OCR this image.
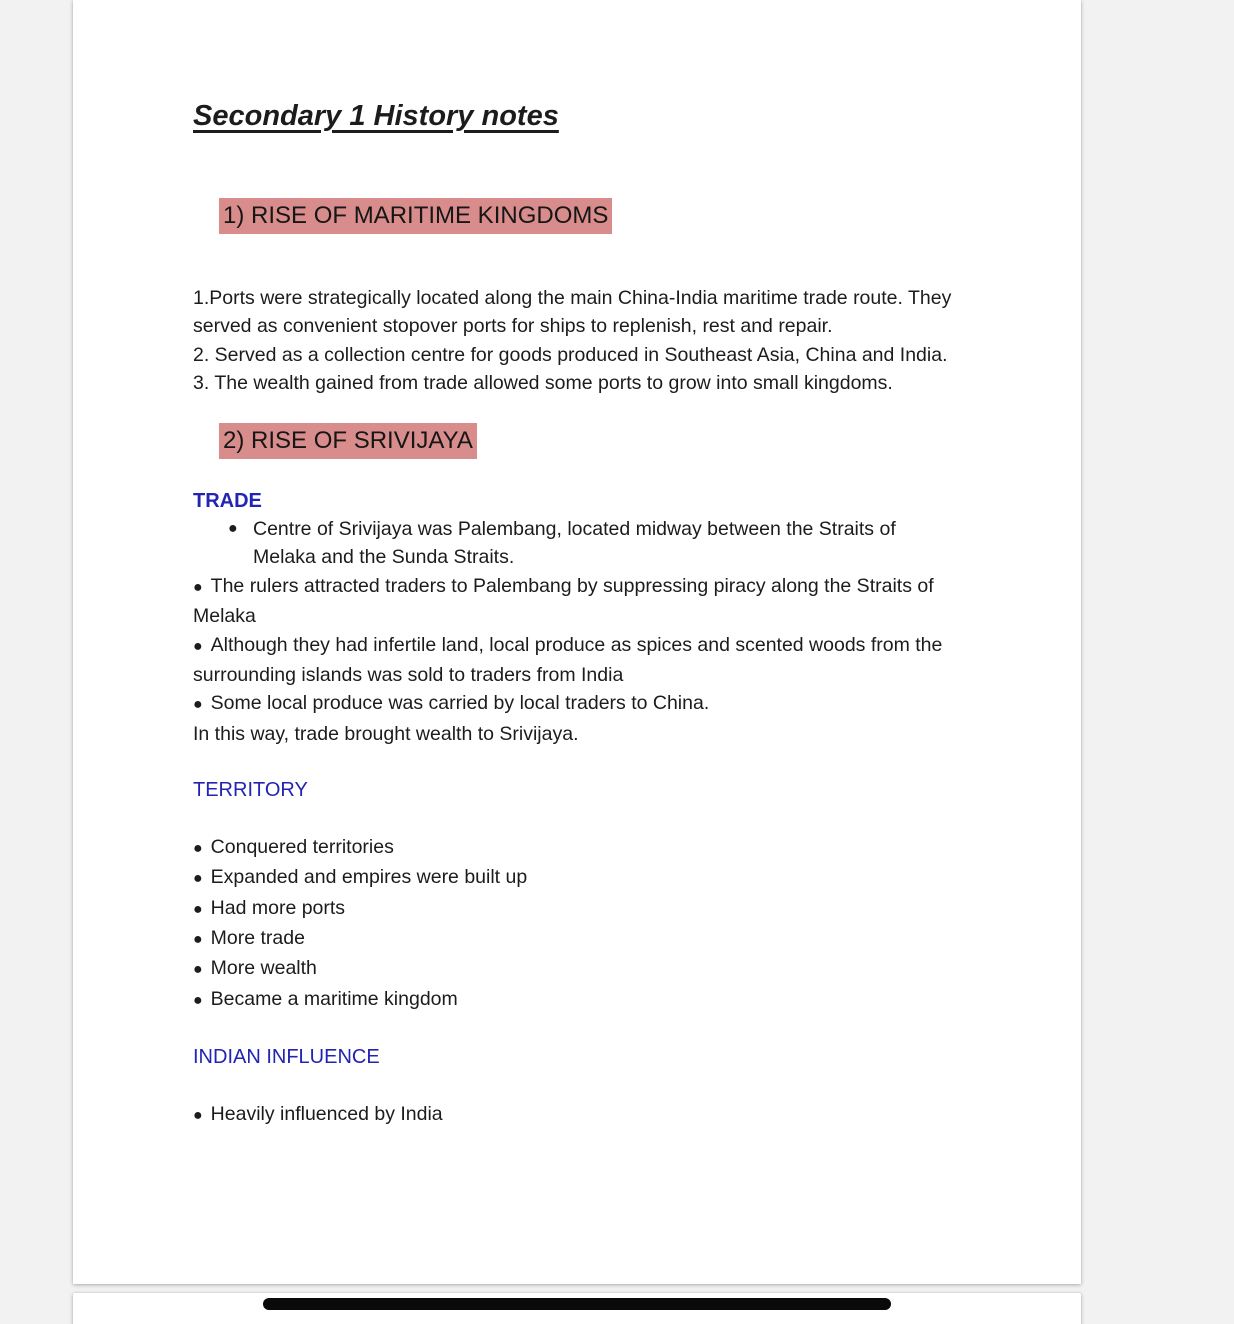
Secondary 1 History notes
1) RISE OF MARITIME KINGDOMS

1.Ports were strategically located along the main China-India maritime trade route. They served as convenient stopover ports for ships to replenish, rest and repair.

2. Served as a collection centre for goods produced in Southeast Asia, China and India.

3. The wealth gained from trade allowed some ports to grow into small kingdoms.

2) RISE OF SRIVIJAYA
TRADE
● Centre of Srivijaya was Palembang, located midway between the Straits of Melaka and the Sunda Straits.

● The rulers attracted traders to Palembang by suppressing piracy along the Straits of Melaka

● Although they had infertile land, local produce as spices and scented woods from the surrounding islands was sold to traders from India

● Some local produce was carried by local traders to China.

In this way, trade brought wealth to Srivijaya.

TERRITORY

● Conquered territories

● Expanded and empires were built up

● Had more ports

● More trade

● More wealth

● Became a maritime kingdom

INDIAN INFLUENCE

● Heavily influenced by India
